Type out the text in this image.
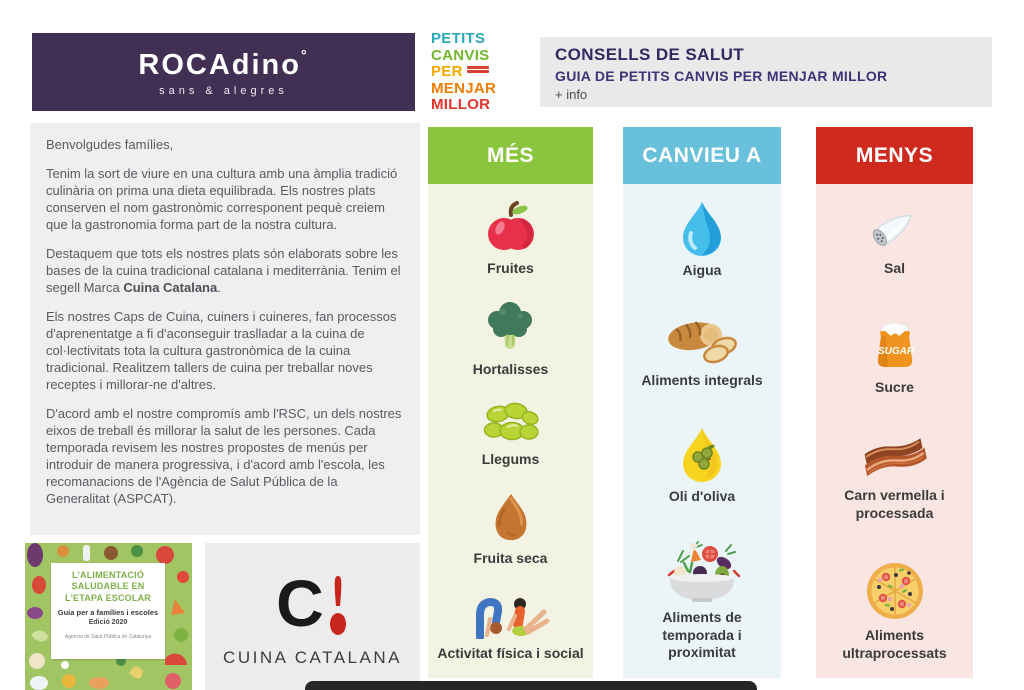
ROCAdino°
sans & alegres
PETITS
CANVIS
PER
MENJAR
MILLOR
CONSELLS DE SALUT
GUIA DE PETITS CANVIS PER MENJAR MILLOR
+ info

Benvolgudes famílies,

Tenim la sort de viure en una cultura amb una àmplia tradició culinària on prima una dieta equilibrada. Els nostres plats conserven el nom gastronòmic corresponent pequè creiem que la gastronomia forma part de la nostra cultura.

Destaquem que tots els nostres plats són elaborats sobre les bases de la cuina tradicional catalana i mediterrània. Tenim el segell Marca Cuina Catalana.

Els nostres Caps de Cuina, cuiners i cuineres, fan processos d'aprenentatge a fi d'aconseguir traslladar a la cuina de col·lectivitats tota la cultura gastronòmica de la cuina tradicional. Realitzem tallers de cuina per treballar noves receptes i millorar-ne d'altres.

D'acord amb el nostre compromís amb l'RSC, un dels nostres eixos de treball és millorar la salut de les persones. Cada temporada revisem les nostres propostes de menús per introduir de manera progressiva, i d'acord amb l'escola, les recomanacions de l'Agència de Salut Pública de la Generalitat (ASPCAT).

L'ALIMENTACIÓ SALUDABLE EN L'ETAPA ESCOLAR
Guia per a famílies i escoles
Edició 2020
Agència de Salut Pública de Catalunya C
CUINA CATALANA
MÉS
Fruites
Hortalisses
Llegums
Fruita seca
Activitat física i social
CANVIEU A
Aigua
Aliments integrals
Oli d'oliva
Aliments de temporada i proximitat
MENYS
Sal
SUGAR
Sucre
Carn vermella i processada
Aliments ultraprocessats
